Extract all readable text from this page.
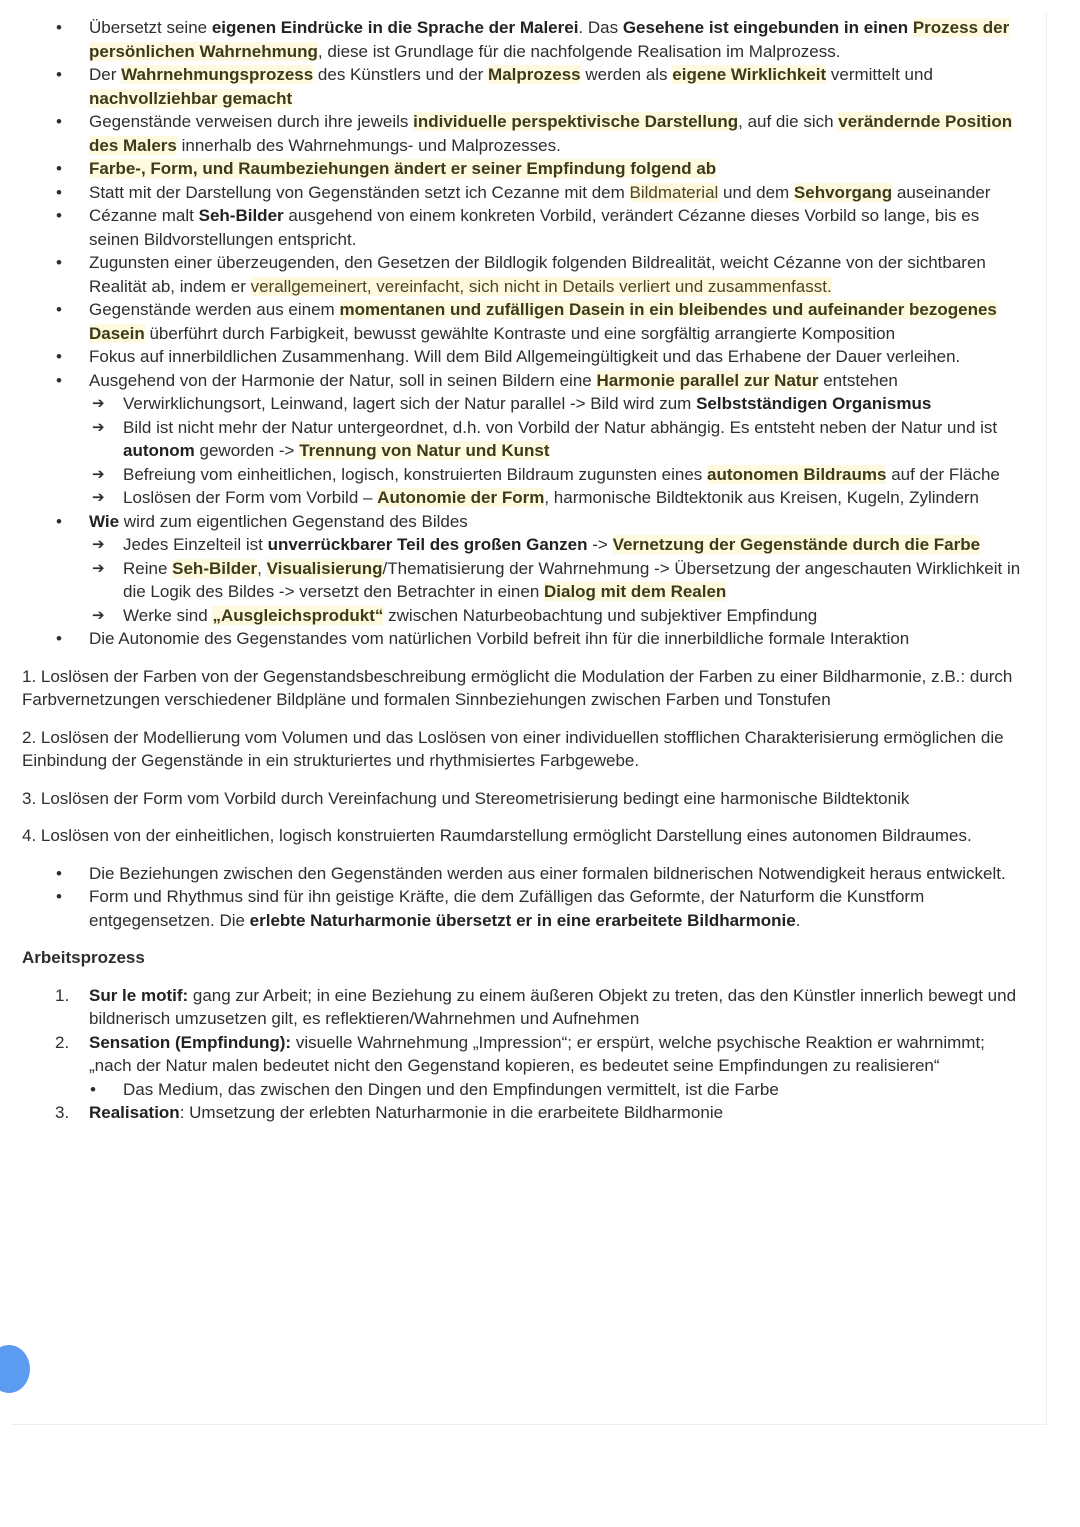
• Übersetzt seine eigenen Eindrücke in die Sprache der Malerei. Das Gesehene ist eingebunden in einen Prozess der persönlichen Wahrnehmung, diese ist Grundlage für die nachfolgende Realisation im Malprozess.
• Der Wahrnehmungsprozess des Künstlers und der Malprozess werden als eigene Wirklichkeit vermittelt und nachvollziehbar gemacht
• Gegenstände verweisen durch ihre jeweils individuelle perspektivische Darstellung, auf die sich verändernde Position des Malers innerhalb des Wahrnehmungs- und Malprozesses.
• Farbe-, Form, und Raumbeziehungen ändert er seiner Empfindung folgend ab
• Statt mit der Darstellung von Gegenständen setzt ich Cezanne mit dem Bildmaterial und dem Sehvorgang auseinander
• Cézanne malt Seh-Bilder ausgehend von einem konkreten Vorbild, verändert Cézanne dieses Vorbild so lange, bis es seinen Bildvorstellungen entspricht.
• Zugunsten einer überzeugenden, den Gesetzen der Bildlogik folgenden Bildrealität, weicht Cézanne von der sichtbaren Realität ab, indem er verallgemeinert, vereinfacht, sich nicht in Details verliert und zusammenfasst.
• Gegenstände werden aus einem momentanen und zufälligen Dasein in ein bleibendes und aufeinander bezogenes Dasein überführt durch Farbigkeit, bewusst gewählte Kontraste und eine sorgfältig arrangierte Komposition
• Fokus auf innerbildlichen Zusammenhang. Will dem Bild Allgemeingültigkeit und das Erhabene der Dauer verleihen.
• Ausgehend von der Harmonie der Natur, soll in seinen Bildern eine Harmonie parallel zur Natur entstehen
➔ Verwirklichungsort, Leinwand, lagert sich der Natur parallel -> Bild wird zum Selbstständigen Organismus
➔ Bild ist nicht mehr der Natur untergeordnet, d.h. von Vorbild der Natur abhängig. Es entsteht neben der Natur und ist autonom geworden -> Trennung von Natur und Kunst
➔ Befreiung vom einheitlichen, logisch, konstruierten Bildraum zugunsten eines autonomen Bildraums auf der Fläche
➔ Loslösen der Form vom Vorbild – Autonomie der Form, harmonische Bildtektonik aus Kreisen, Kugeln, Zylindern
• Wie wird zum eigentlichen Gegenstand des Bildes
➔ Jedes Einzelteil ist unverrückbarer Teil des großen Ganzen -> Vernetzung der Gegenstände durch die Farbe
➔ Reine Seh-Bilder, Visualisierung/Thematisierung der Wahrnehmung -> Übersetzung der angeschauten Wirklichkeit in die Logik des Bildes -> versetzt den Betrachter in einen Dialog mit dem Realen
➔ Werke sind „Ausgleichsprodukt“ zwischen Naturbeobachtung und subjektiver Empfindung
• Die Autonomie des Gegenstandes vom natürlichen Vorbild befreit ihn für die innerbildliche formale Interaktion
1. Loslösen der Farben von der Gegenstandsbeschreibung ermöglicht die Modulation der Farben zu einer Bildharmonie, z.B.: durch Farbvernetzungen verschiedener Bildpläne und formalen Sinnbeziehungen zwischen Farben und Tonstufen
2. Loslösen der Modellierung vom Volumen und das Loslösen von einer individuellen stofflichen Charakterisierung ermöglichen die Einbindung der Gegenstände in ein strukturiertes und rhythmisiertes Farbgewebe.
3. Loslösen der Form vom Vorbild durch Vereinfachung und Stereometrisierung bedingt eine harmonische Bildtektonik
4. Loslösen von der einheitlichen, logisch konstruierten Raumdarstellung ermöglicht Darstellung eines autonomen Bildraumes.
• Die Beziehungen zwischen den Gegenständen werden aus einer formalen bildnerischen Notwendigkeit heraus entwickelt.
• Form und Rhythmus sind für ihn geistige Kräfte, die dem Zufälligen das Geformte, der Naturform die Kunstform entgegensetzen. Die erlebte Naturharmonie übersetzt er in eine erarbeitete Bildharmonie.
Arbeitsprozess
1. Sur le motif: gang zur Arbeit; in eine Beziehung zu einem äußeren Objekt zu treten, das den Künstler innerlich bewegt und bildnerisch umzusetzen gilt, es reflektieren/Wahrnehmen und Aufnehmen
2. Sensation (Empfindung): visuelle Wahrnehmung „Impression“; er erspürt, welche psychische Reaktion er wahrnimmt; „nach der Natur malen bedeutet nicht den Gegenstand kopieren, es bedeutet seine Empfindungen zu realisieren“
• Das Medium, das zwischen den Dingen und den Empfindungen vermittelt, ist die Farbe
3. Realisation: Umsetzung der erlebten Naturharmonie in die erarbeitete Bildharmonie
